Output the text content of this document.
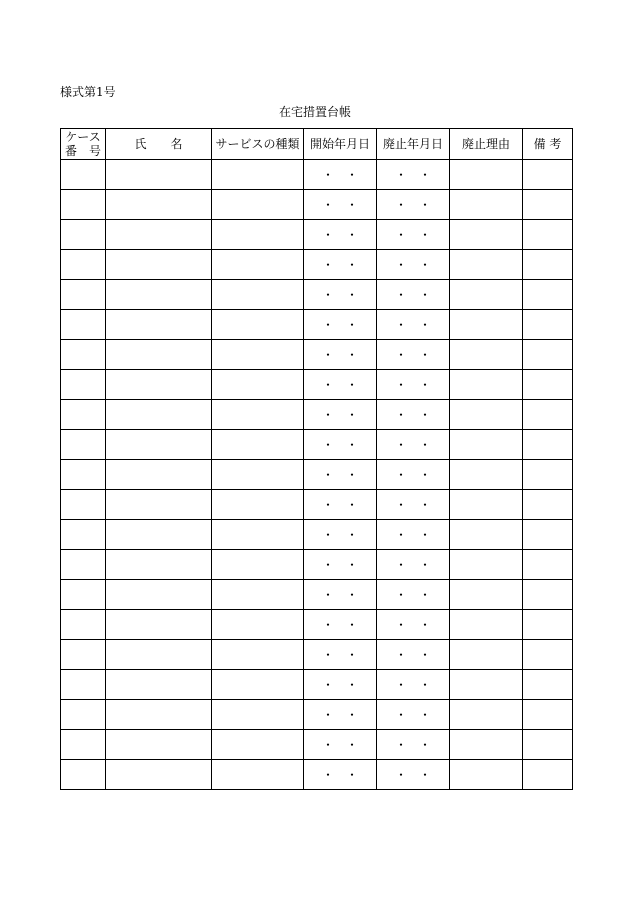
様式第1号
在宅措置台帳
ケース
番　号	氏　　名	サービスの種類	開始年月日	廃止年月日	廃止理由	備 考
			・　・	・　・		
			・　・	・　・		
			・　・	・　・		
			・　・	・　・		
			・　・	・　・		
			・　・	・　・		
			・　・	・　・		
			・　・	・　・		
			・　・	・　・		
			・　・	・　・		
			・　・	・　・		
			・　・	・　・		
			・　・	・　・		
			・　・	・　・		
			・　・	・　・		
			・　・	・　・		
			・　・	・　・		
			・　・	・　・		
			・　・	・　・		
			・　・	・　・		
			・　・	・　・		
